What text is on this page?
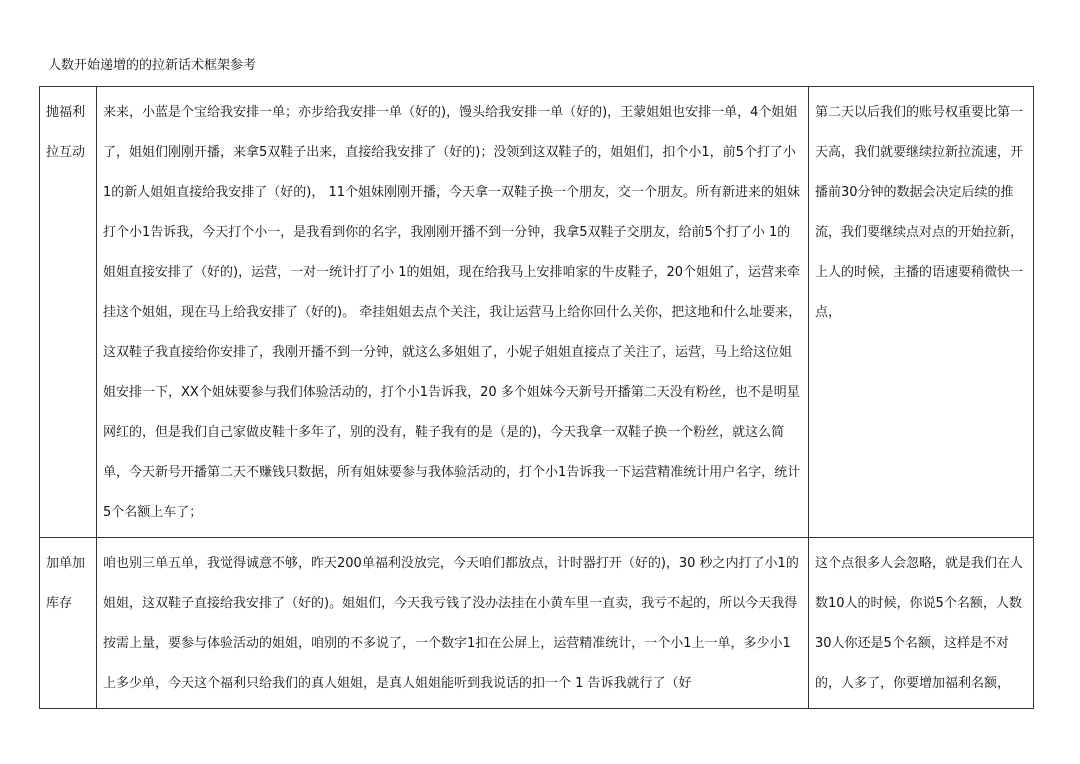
人数开始递增的的拉新话术框架参考
抛福利拉互动	来来，小蓝是个宝给我安排一单；亦步给我安排一单（好的)，馒头给我安排一单（好的)，王蒙姐姐也安排一单，4个姐姐了，姐姐们刚刚开播，来拿5双鞋子出来，直接给我安排了（好的)；没领到这双鞋子的，姐姐们，扣个小1，前5个打了小 1的新人姐姐直接给我安排了（好的)， 11个姐妹刚刚开播，今天拿一双鞋子换一个朋友，交一个朋友。所有新进来的姐妹打个小1告诉我，今天打个小一，是我看到你的名字，我刚刚开播不到一分钟，我拿5双鞋子交朋友，给前5个打了小 1的姐姐直接安排了（好的)，运营，一对一统计打了小 1的姐姐，现在给我马上安排咱家的牛皮鞋子，20个姐姐了，运营来牵挂这个姐姐，现在马上给我安排了（好的)。 牵挂姐姐去点个关注，我让运营马上给你回什么关你，把这地和什么址要来，这双鞋子我直接给你安排了，我刚开播不到一分钟，就这么多姐姐了，小妮子姐姐直接点了关注了，运营，马上给这位姐姐安排一下，XX个姐妹要参与我们体验活动的，打个小1告诉我，20 多个姐妹今天新号开播第二天没有粉丝，也不是明星网红的，但是我们自己家做皮鞋十多年了，别的没有，鞋子我有的是（是的)，今天我拿一双鞋子换一个粉丝，就这么简单，今天新号开播第二天不赚钱只数据，所有姐妹要参与我体验活动的，打个小1告诉我一下运营精准统计用户名字，统计5个名额上车了；	第二天以后我们的账号权重要比第一天高，我们就要继续拉新拉流速，开播前30分钟的数据会决定后续的推流，我们要继续点对点的开始拉新，上人的时候，主播的语速要稍微快一点，
加单加库存	咱也别三单五单，我觉得诚意不够，昨天200单福利没放完，今天咱们都放点，计时器打开（好的)，30 秒之内打了小1的姐姐，这双鞋子直接给我安排了（好的)。姐姐们，今天我亏钱了没办法挂在小黄车里一直卖，我亏不起的，所以今天我得按需上量，要参与体验活动的姐姐，咱别的不多说了，一个数字1扣在公屏上，运营精准统计，一个小1上一单，多少小1上多少单，今天这个福利只给我们的真人姐姐，是真人姐姐能听到我说话的扣一个 1 告诉我就行了（好	这个点很多人会忽略，就是我们在人数10人的时候，你说5个名额，人数30人你还是5个名额，这样是不对的，人多了，你要增加福利名额，
